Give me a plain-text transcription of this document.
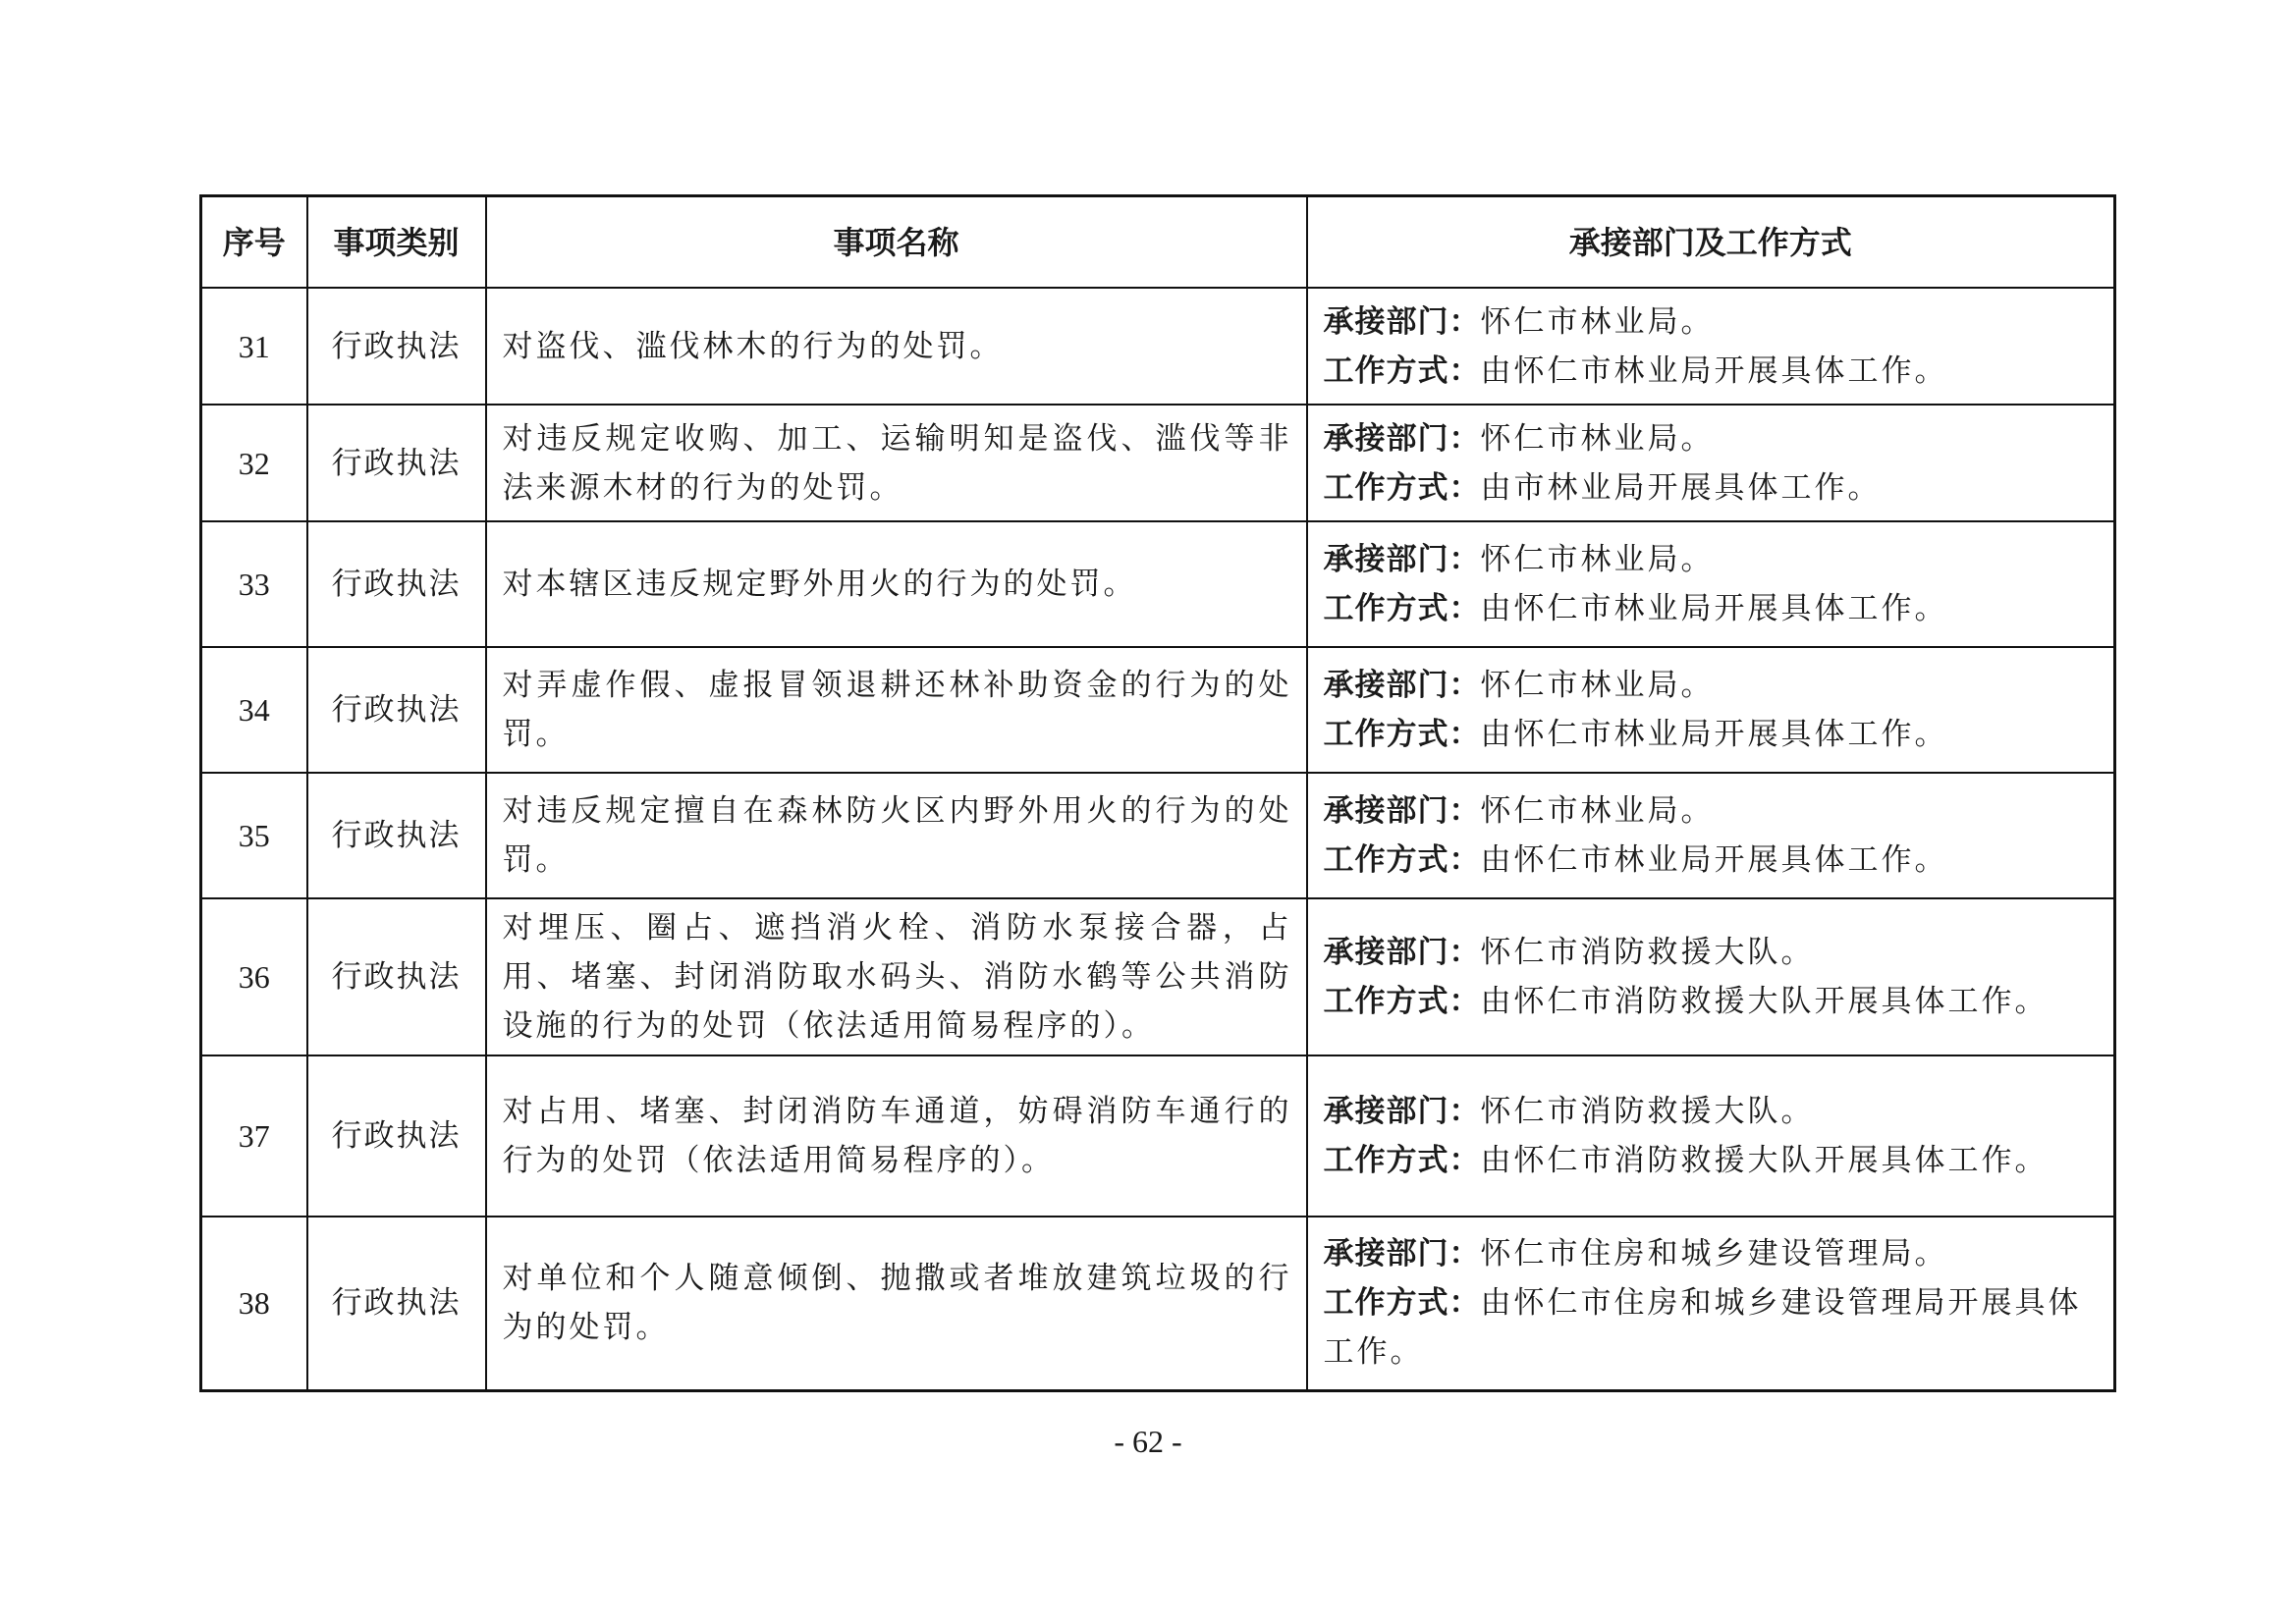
序号	事项类别	事项名称	承接部门及工作方式
31	行政执法	对盗伐、滥伐林木的行为的处罚。	承接部门：怀仁市林业局。
工作方式：由怀仁市林业局开展具体工作。

32	行政执法	对违反规定收购、加工、运输明知是盗伐、滥伐等非法来源木材的行为的处罚。	承接部门：怀仁市林业局。
工作方式：由市林业局开展具体工作。

33	行政执法	对本辖区违反规定野外用火的行为的处罚。	承接部门：怀仁市林业局。
工作方式：由怀仁市林业局开展具体工作。

34	行政执法	对弄虚作假、虚报冒领退耕还林补助资金的行为的处罚。	承接部门：怀仁市林业局。
工作方式：由怀仁市林业局开展具体工作。

35	行政执法	对违反规定擅自在森林防火区内野外用火的行为的处罚。	承接部门：怀仁市林业局。
工作方式：由怀仁市林业局开展具体工作。

36	行政执法	对埋压、圈占、遮挡消火栓、消防水泵接合器，占用、堵塞、封闭消防取水码头、消防水鹤等公共消防设施的行为的处罚（依法适用简易程序的）。	承接部门：怀仁市消防救援大队。
工作方式：由怀仁市消防救援大队开展具体工作。

37	行政执法	对占用、堵塞、封闭消防车通道，妨碍消防车通行的行为的处罚（依法适用简易程序的）。	承接部门：怀仁市消防救援大队。
工作方式：由怀仁市消防救援大队开展具体工作。

38	行政执法	对单位和个人随意倾倒、抛撒或者堆放建筑垃圾的行为的处罚。	承接部门：怀仁市住房和城乡建设管理局。
工作方式：由怀仁市住房和城乡建设管理局开展具体工作。
- 62 -
